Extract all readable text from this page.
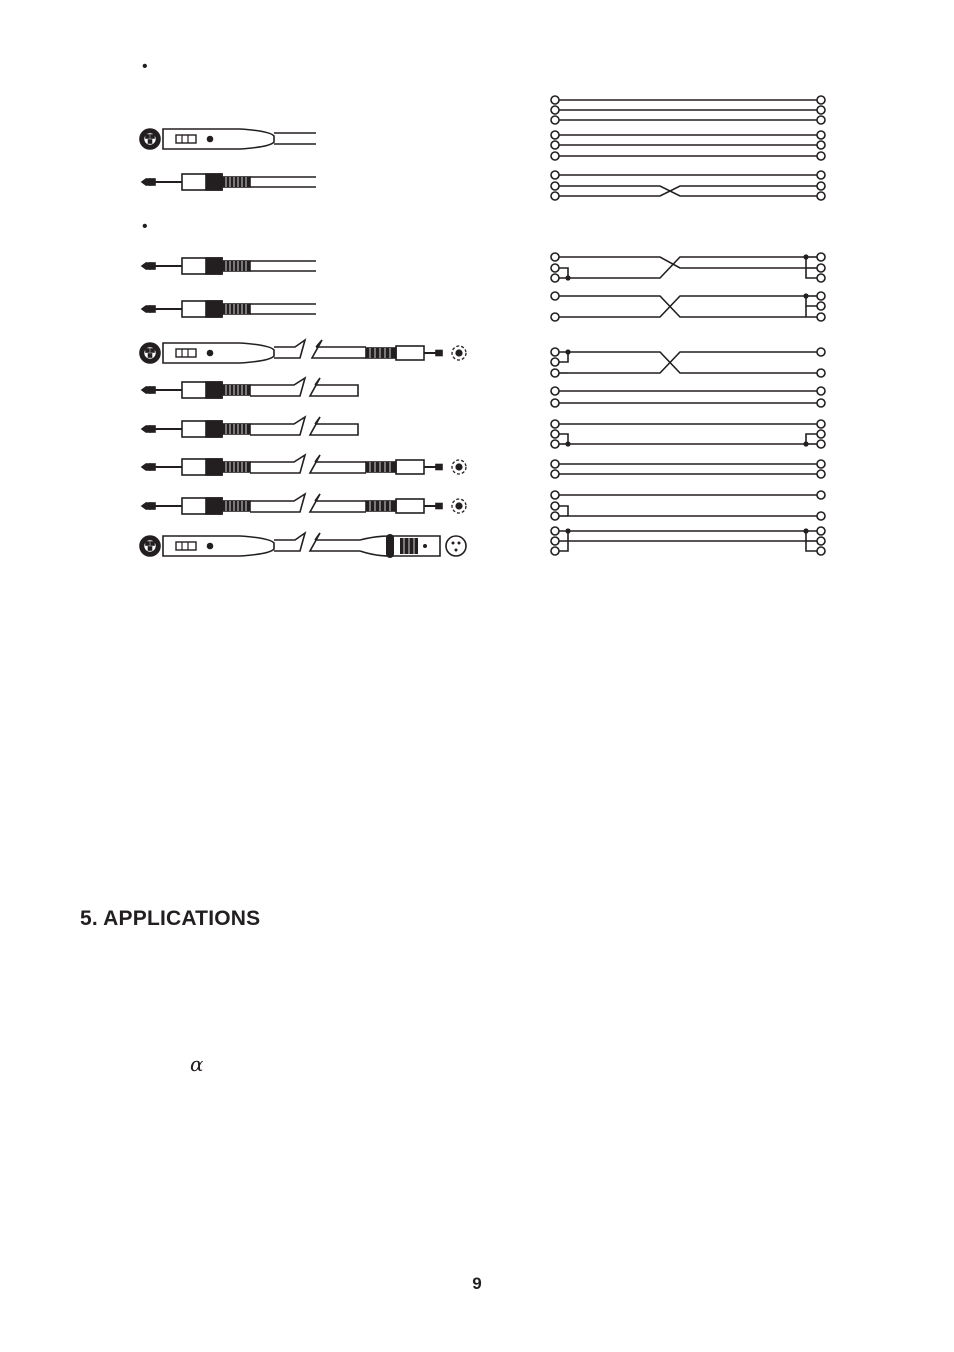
•
•
5. APPLICATIONS
α
9
